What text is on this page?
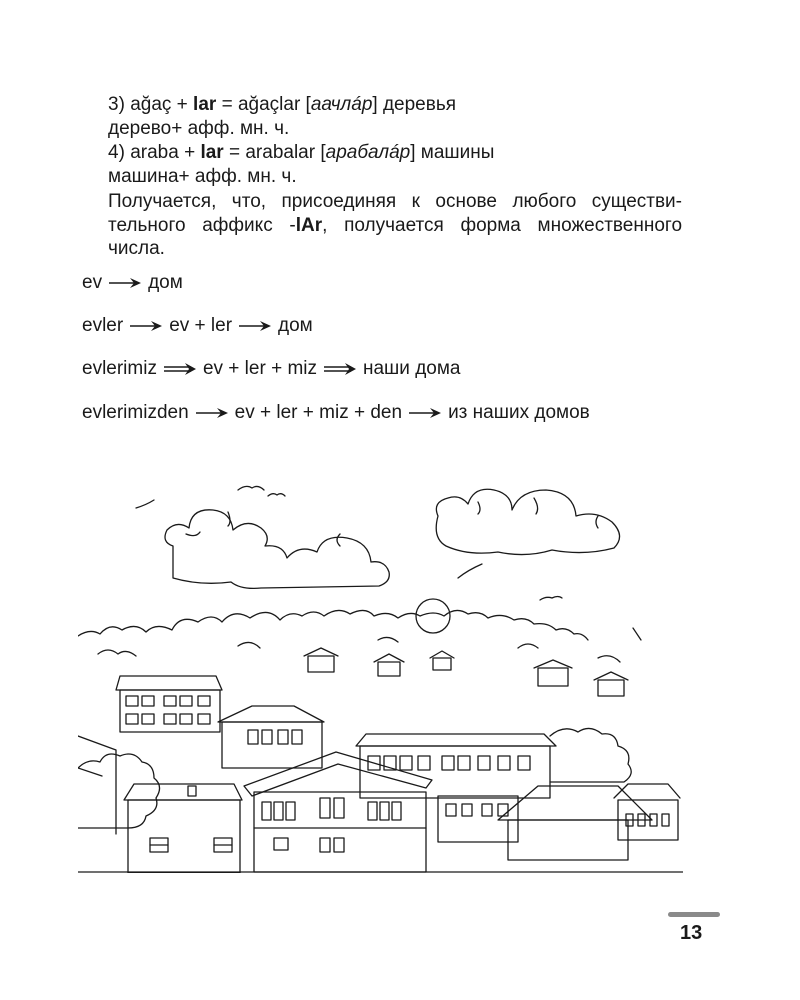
3) ağaç + lar = ağaçlar [аачлáр] деревья
дерево+ афф. мн. ч.
4) araba + lar = arabalar [арабалáр] машины
машина+ афф. мн. ч.
Получается, что, присоединяя к основе любого существи-
тельного аффикс -lAr, получается форма множественного
числа.
ev дом
evler ev + ler дом
evlerimiz ev + ler + miz наши дома
evlerimizden ev + ler + miz + den из наших домов
13
